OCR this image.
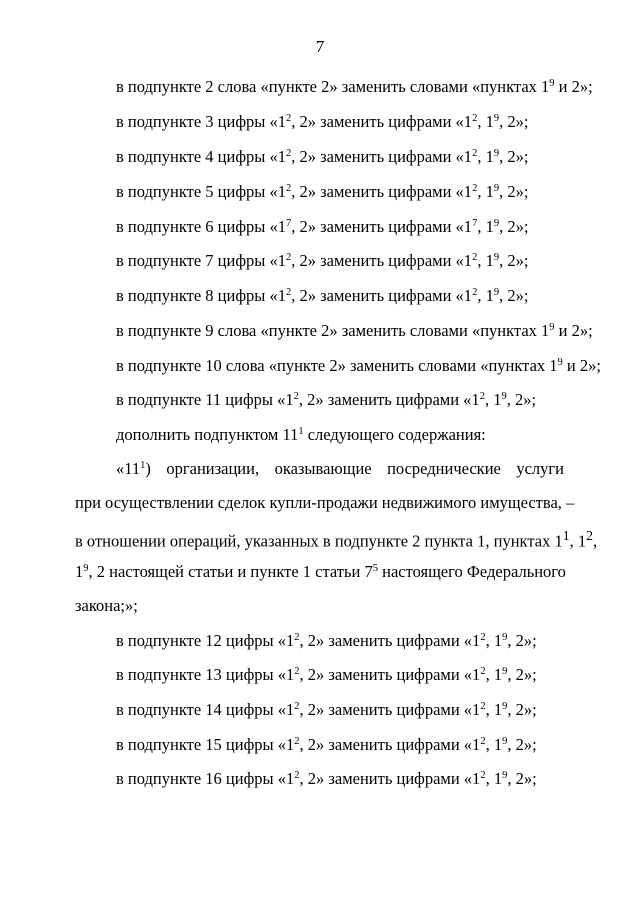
7
в подпункте 2 слова «пункте 2» заменить словами «пунктах $1^9$ и 2»;
в подпункте 3 цифры «$1^2$, 2» заменить цифрами «$1^2$, $1^9$, 2»;
в подпункте 4 цифры «$1^2$, 2» заменить цифрами «$1^2$, $1^9$, 2»;
в подпункте 5 цифры «$1^2$, 2» заменить цифрами «$1^2$, $1^9$, 2»;
в подпункте 6 цифры «$1^7$, 2» заменить цифрами «$1^7$, $1^9$, 2»;
в подпункте 7 цифры «$1^2$, 2» заменить цифрами «$1^2$, $1^9$, 2»;
в подпункте 8 цифры «$1^2$, 2» заменить цифрами «$1^2$, $1^9$, 2»;
в подпункте 9 слова «пункте 2» заменить словами «пунктах $1^9$ и 2»;
в подпункте 10 слова «пункте 2» заменить словами «пунктах $1^9$ и 2»;
в подпункте 11 цифры «$1^2$, 2» заменить цифрами «$1^2$, $1^9$, 2»;
дополнить подпунктом $11^1$ следующего содержания:
«$11^1$) организации, оказывающие посреднические услуги
при осуществлении сделок купли-продажи недвижимого имущества, –
в отношении операций, указанных в подпункте 2 пункта 1, пунктах $1^1$, $1^2$,
$1^9$, 2 настоящей статьи и пункте 1 статьи $7^5$ настоящего Федерального
закона;»;
в подпункте 12 цифры «$1^2$, 2» заменить цифрами «$1^2$, $1^9$, 2»;
в подпункте 13 цифры «$1^2$, 2» заменить цифрами «$1^2$, $1^9$, 2»;
в подпункте 14 цифры «$1^2$, 2» заменить цифрами «$1^2$, $1^9$, 2»;
в подпункте 15 цифры «$1^2$, 2» заменить цифрами «$1^2$, $1^9$, 2»;
в подпункте 16 цифры «$1^2$, 2» заменить цифрами «$1^2$, $1^9$, 2»;
